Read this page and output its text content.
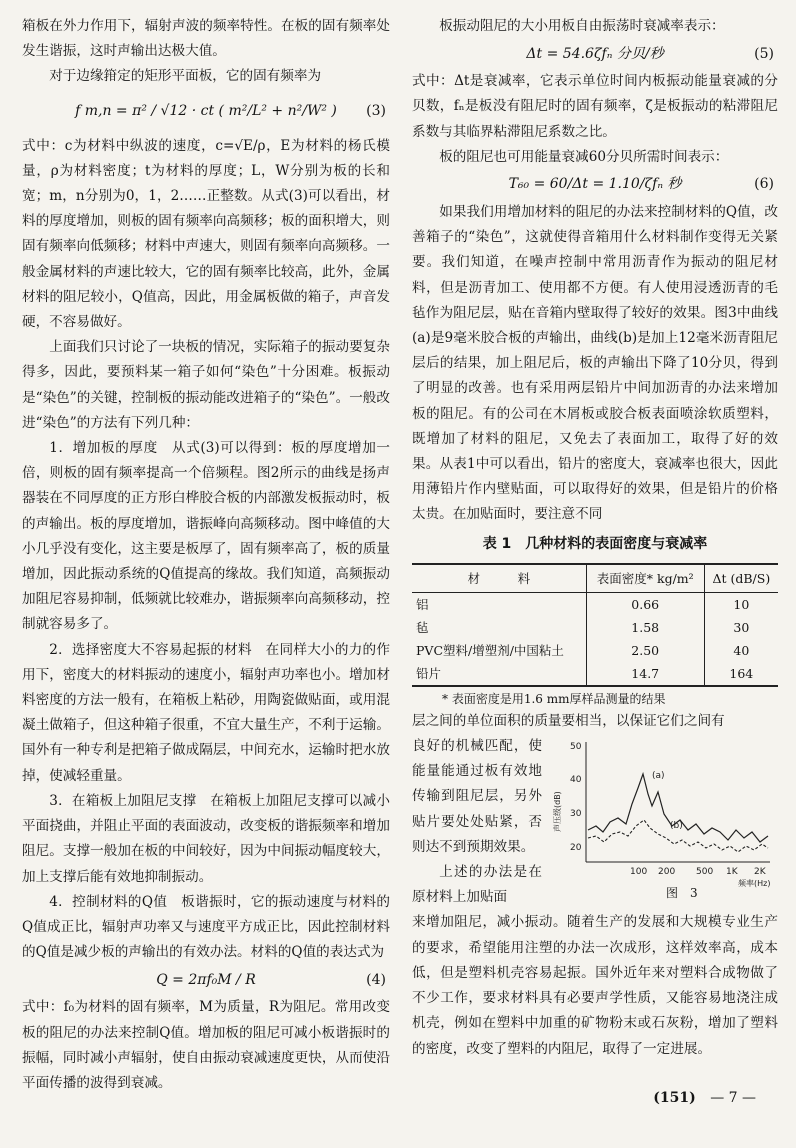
箱板在外力作用下，辐射声波的频率特性。在板的固有频率处发生谐振，这时声输出达极大值。

对于边缘箝定的矩形平面板，它的固有频率为

f m,n = π² / √12 · ct ( m²/L² + n²/W² ) (3)

式中：c为材料中纵波的速度，c=√E/ρ，E为材料的杨氏模量，ρ为材料密度；t为材料的厚度；L，W分别为板的长和宽；m，n分别为0，1，2……正整数。从式(3)可以看出，材料的厚度增加，则板的固有频率向高频移；板的面积增大，则固有频率向低频移；材料中声速大，则固有频率向高频移。一般金属材料的声速比较大，它的固有频率比较高，此外，金属材料的阻尼较小，Q值高，因此，用金属板做的箱子，声音发硬，不容易做好。

上面我们只讨论了一块板的情况，实际箱子的振动要复杂得多，因此，要预料某一箱子如何“染色”十分困难。板振动是“染色”的关键，控制板的振动能改进箱子的“染色”。一般改进“染色”的方法有下列几种：

1．增加板的厚度　从式(3)可以得到：板的厚度增加一倍，则板的固有频率提高一个倍频程。图2所示的曲线是扬声器装在不同厚度的正方形白桦胶合板的内部激发板振动时，板的声输出。板的厚度增加，谐振峰向高频移动。图中峰值的大小几乎没有变化，这主要是板厚了，固有频率高了，板的质量增加，因此振动系统的Q值提高的缘故。我们知道，高频振动加阻尼容易抑制，低频就比较难办，谐振频率向高频移动，控制就容易多了。

2．选择密度大不容易起振的材料　在同样大小的力的作用下，密度大的材料振动的速度小，辐射声功率也小。增加材料密度的方法一般有，在箱板上粘砂，用陶瓷做贴面，或用混凝土做箱子，但这种箱子很重，不宜大量生产，不利于运输。国外有一种专利是把箱子做成隔层，中间充水，运输时把水放掉，使减轻重量。

3．在箱板上加阻尼支撑　在箱板上加阻尼支撑可以减小平面挠曲，并阻止平面的表面波动，改变板的谐振频率和增加阻尼。支撑一般加在板的中间较好，因为中间振动幅度较大，加上支撑后能有效地抑制振动。

4．控制材料的Q值　板谐振时，它的振动速度与材料的Q值成正比，辐射声功率又与速度平方成正比，因此控制材料的Q值是减少板的声输出的有效办法。材料的Q值的表达式为

Q = 2πf₀M / R	(4)

式中：f₀为材料的固有频率，M为质量，R为阻尼。常用改变板的阻尼的办法来控制Q值。增加板的阻尼可减小板谐振时的振幅，同时减小声辐射，使自由振动衰减速度更快，从而使沿平面传播的波得到衰减。

板振动阻尼的大小用板自由振荡时衰减率表示：

Δt = 54.6ζfₙ 分贝/秒	(5)

式中：Δt是衰减率，它表示单位时间内板振动能量衰减的分贝数，fₙ是板没有阻尼时的固有频率，ζ是板振动的粘滞阻尼系数与其临界粘滞阻尼系数之比。

板的阻尼也可用能量衰减60分贝所需时间表示：

T₆₀ = 60/Δt = 1.10/ζfₙ 秒	(6)

如果我们用增加材料的阻尼的办法来控制材料的Q值，改善箱子的“染色”，这就使得音箱用什么材料制作变得无关紧要。我们知道，在噪声控制中常用沥青作为振动的阻尼材料，但是沥青加工、使用都不方便。有人使用浸透沥青的毛毡作为阻尼层，贴在音箱内壁取得了较好的效果。图3中曲线(a)是9毫米胶合板的声输出，曲线(b)是加上12毫米沥青阻尼层后的结果，加上阻尼后，板的声输出下降了10分贝，得到了明显的改善。也有采用两层铅片中间加沥青的办法来增加板的阻尼。有的公司在木屑板或胶合板表面喷涂软质塑料，既增加了材料的阻尼，又免去了表面加工，取得了好的效果。从表1中可以看出，铅片的密度大，衰减率也很大，因此用薄铅片作内壁贴面，可以取得好的效果，但是铅片的价格太贵。在加贴面时，要注意不同

表 1　几种材料的表面密度与衰减率
材　　　料	表面密度* kg/m²	Δt (dB/S)
铝	0.66	10
毡	1.58	30
PVC塑料/增塑剂/中国粘土	2.50	40
铅片	14.7	164
* 表面密度是用1.6 mm厚样品测量的结果

层之间的单位面积的质量要相当，以保证它们之间有

良好的机械匹配，使能量能通过板有效地传输到阻尼层，另外贴片要处处贴紧，否则达不到预期效果。

上述的办法是在原材料上加贴面

50
40
30
20
100 200 500 1K 2K
频率(Hz)
声压级(dB)
(a)
(b)
图　3

来增加阻尼，减小振动。随着生产的发展和大规模专业生产的要求，希望能用注塑的办法一次成形，这样效率高，成本低，但是塑料机壳容易起振。国外近年来对塑料合成物做了不少工作，要求材料具有必要声学性质，又能容易地浇注成机壳，例如在塑料中加重的矿物粉末或石灰粉，增加了塑料的密度，改变了塑料的内阻尼，取得了一定进展。

(151) — 7 —
